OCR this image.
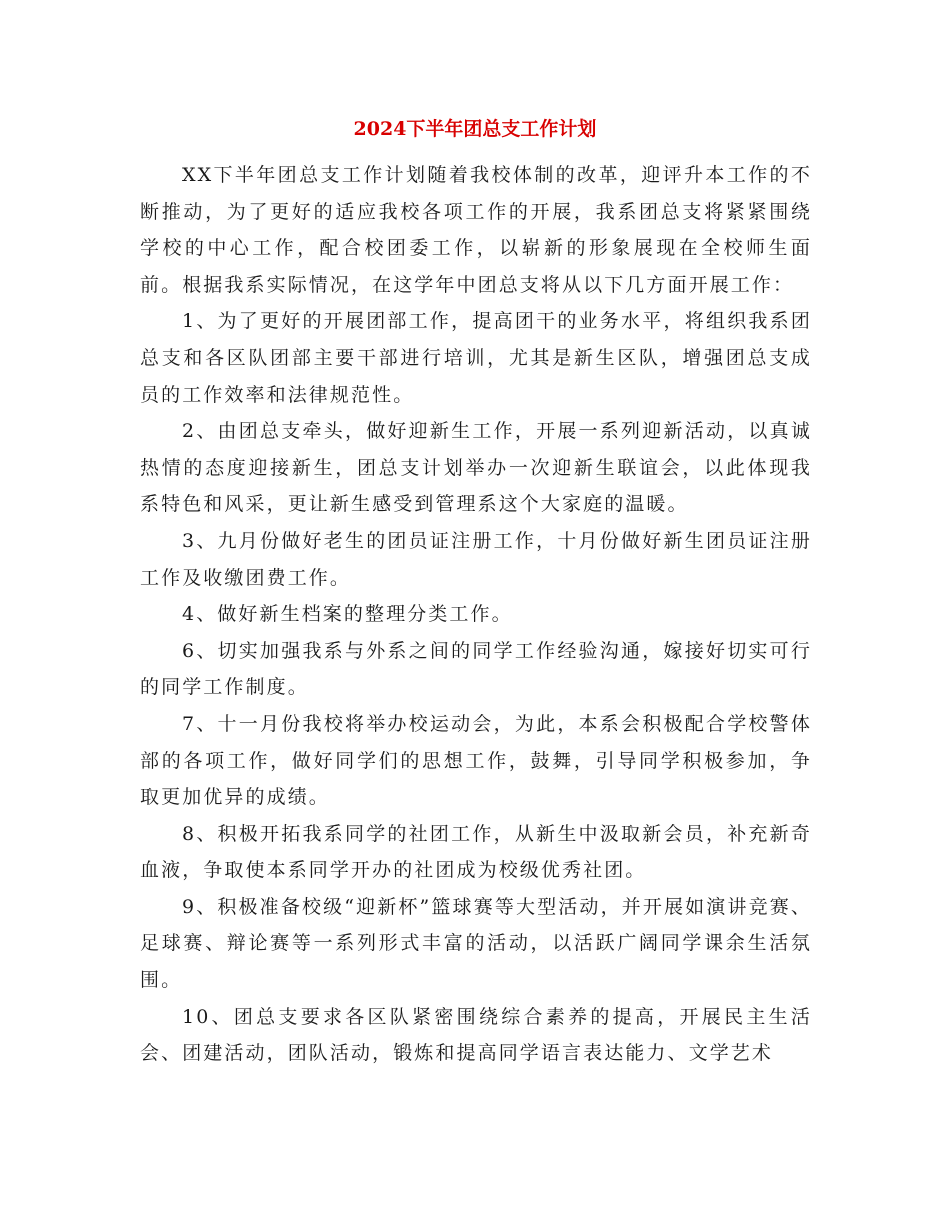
2024下半年团总支工作计划

XX下半年团总支工作计划随着我校体制的改革，迎评升本工作的不断推动，为了更好的适应我校各项工作的开展，我系团总支将紧紧围绕学校的中心工作，配合校团委工作，以崭新的形象展现在全校师生面前。根据我系实际情况，在这学年中团总支将从以下几方面开展工作：

1、为了更好的开展团部工作，提高团干的业务水平，将组织我系团总支和各区队团部主要干部进行培训，尤其是新生区队，增强团总支成员的工作效率和法律规范性。

2、由团总支牵头，做好迎新生工作，开展一系列迎新活动，以真诚热情的态度迎接新生，团总支计划举办一次迎新生联谊会，以此体现我系特色和风采，更让新生感受到管理系这个大家庭的温暖。

3、九月份做好老生的团员证注册工作，十月份做好新生团员证注册工作及收缴团费工作。

4、做好新生档案的整理分类工作。

6、切实加强我系与外系之间的同学工作经验沟通，嫁接好切实可行的同学工作制度。

7、十一月份我校将举办校运动会，为此，本系会积极配合学校警体部的各项工作，做好同学们的思想工作，鼓舞，引导同学积极参加，争取更加优异的成绩。

8、积极开拓我系同学的社团工作，从新生中汲取新会员，补充新奇血液，争取使本系同学开办的社团成为校级优秀社团。

9、积极准备校级“迎新杯”篮球赛等大型活动，并开展如演讲竞赛、足球赛、辩论赛等一系列形式丰富的活动，以活跃广阔同学课余生活氛围。

10、团总支要求各区队紧密围绕综合素养的提高，开展民主生活会、团建活动，团队活动，锻炼和提高同学语言表达能力、文学艺术
